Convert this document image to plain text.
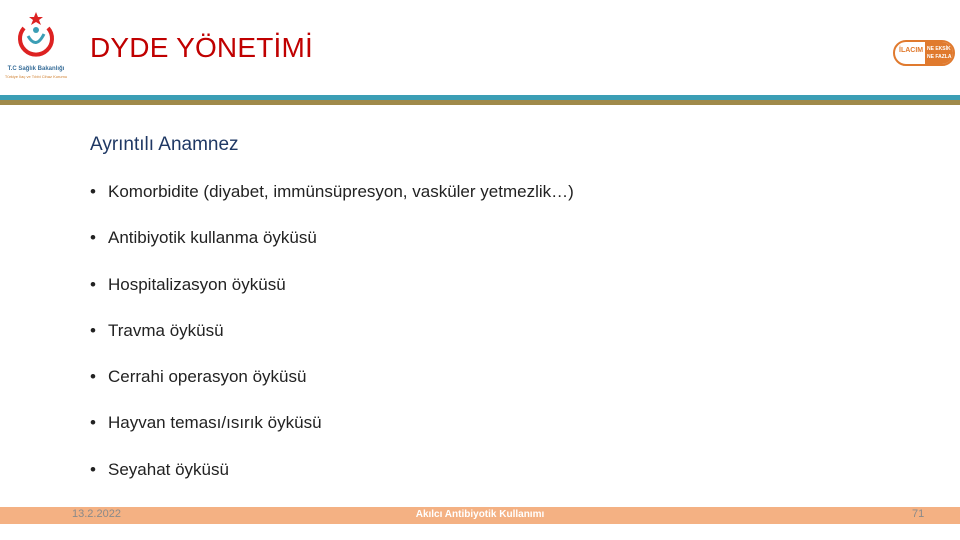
T.C Sağlık Bakanlığı
Türkiye İlaç ve Tıbbi Cihaz Kurumu
DYDE YÖNETİMİ	İLACIM NE EKSİK
NE FAZLA
Ayrıntılı Anamnez
• Komorbidite (diyabet, immünsüpresyon, vasküler yetmezlik…)
• Antibiyotik kullanma öyküsü
• Hospitalizasyon öyküsü
• Travma öyküsü
• Cerrahi operasyon öyküsü
• Hayvan teması/ısırık öyküsü
• Seyahat öyküsü
13.2.2022	Akılcı Antibiyotik Kullanımı	71
